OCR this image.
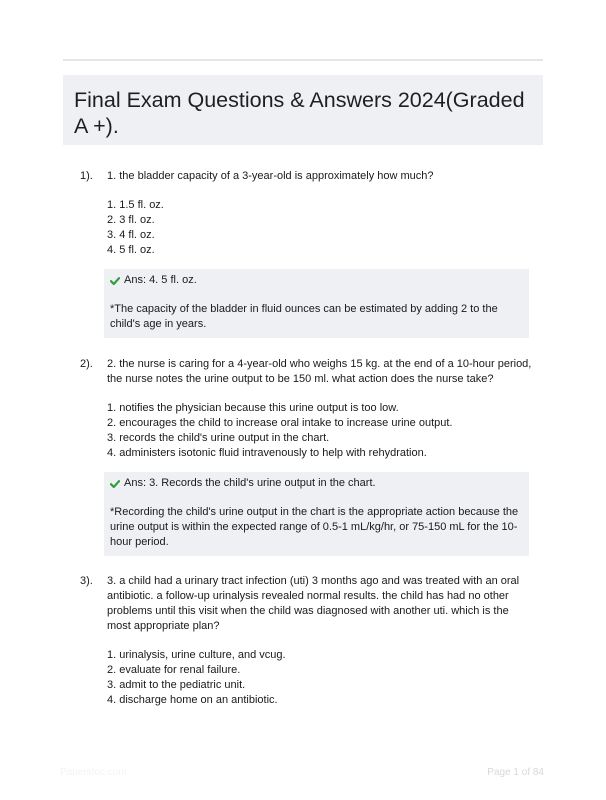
Final Exam Questions & Answers 2024(Graded A +).
1). 1. the bladder capacity of a 3-year-old is approximately how much?

1. 1.5 fl. oz.
2. 3 fl. oz.
3. 4 fl. oz.
4. 5 fl. oz.
Ans: 4. 5 fl. oz.

*The capacity of the bladder in fluid ounces can be estimated by adding 2 to the child's age in years.

2). 2. the nurse is caring for a 4-year-old who weighs 15 kg. at the end of a 10-hour period, the nurse notes the urine output to be 150 ml. what action does the nurse take?

1. notifies the physician because this urine output is too low.
2. encourages the child to increase oral intake to increase urine output.
3. records the child's urine output in the chart.
4. administers isotonic fluid intravenously to help with rehydration.
Ans: 3. Records the child's urine output in the chart.

*Recording the child's urine output in the chart is the appropriate action because the urine output is within the expected range of 0.5-1 mL/kg/hr, or 75-150 mL for the 10-hour period.

3). 3. a child had a urinary tract infection (uti) 3 months ago and was treated with an oral antibiotic. a follow-up urinalysis revealed normal results. the child has had no other problems until this visit when the child was diagnosed with another uti. which is the most appropriate plan?

1. urinalysis, urine culture, and vcug.
2. evaluate for renal failure.
3. admit to the pediatric unit.
4. discharge home on an antibiotic.
Paperstoc.com	Page 1 of 84
